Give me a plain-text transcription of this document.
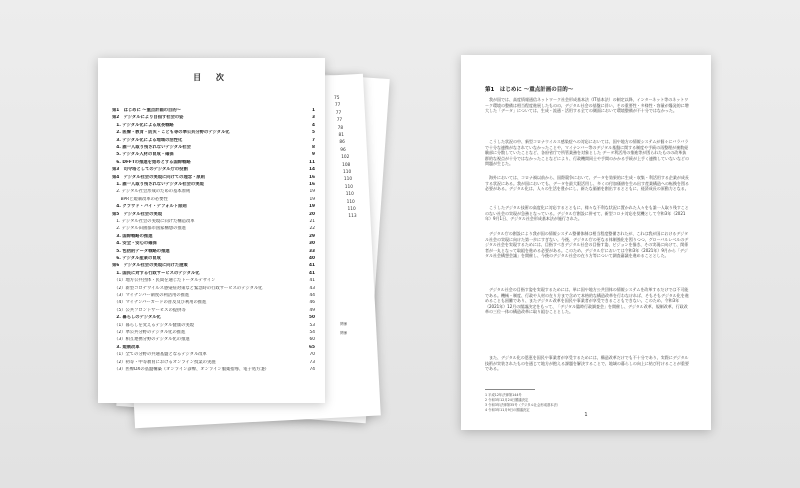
目 次
第1　はじめに ～重点計画の目的～	1
第2　デジタルにより目指す社会の姿	3
　1. デジタル化による成長戦略	4
　2. 医療・教育・防災・こども等の準公共分野のデジタル化	5
　3. デジタル化による地域の活性化	7
　4. 誰一人取り残されないデジタル社会	8
　5. デジタル人材の育成・確保	9
　6. DFFTの推進を始めとする国際戦略	11
第3　司令塔としてのデジタル庁の役割	14
第4　デジタル社会の実現に向けての理念・原則	16
　1. 誰一人取り残されないデジタル社会の実現	16
　2. デジタル社会形成のための基本原則	19
　　BPRと規制改革の必要性	19
　4. クラウド・バイ・デフォルト原則	19
第5　デジタル社会の実現	20
　1. デジタル社会の実現に向けた構造改革	21
　2. デジタル田園都市国家構想の推進	22
　3. 国際戦略の推進	29
　4. 安全・安心の確保	30
　5. 包括的データ戦略の推進	33
　6. デジタル産業の育成	40
第6　デジタル社会の実現に向けた施策	41
　1. 国民に対する行政サービスのデジタル化	41
　（1）地方公共団体・民間を通じたトータルデザイン	41
　（2）新型コロナウイルス感染症対策など緊急時の行政サービスのデジタル化	43
　（3）マイナンバー制度の利活用の推進	44
　（4）マイナンバーカードの普及及び利用の推進	46
　（5）公共フロントサービスの提供等	49
　2. 暮らしのデジタル化	50
　（1）暮らしを変えるデジタル健康の実現	53
　（2）準公共分野のデジタル化の推進	54
　（3）相互連携分野のデジタル化の推進	60
　3. 規制改革	65
　（1）全ての分野の共通基盤となるデジタル改革	70
　（2）初等・中等教育におけるオンライン授業の実施	73
　（3）医療DXの基盤構築（オンライン診療、オンライン服薬指導、電子処方箋）	74
第1　はじめに ～重点計画の目的～
1
　我が国では、高度情報通信ネットワーク社会形成基本法（IT基本法）の制定以降、インターネット等のネットワーク環境の整備は相当程度進展したものの、デジタル社会の基盤に伴い、その重要性・多様性・容量が爆発的に増大した「データ」については、生成・流通・活用する全ての側面において環境整備が不十分ではなかった。
　こうした状況の中、新型コロナウイルス感染症への対応においては、国や地方の情報システムが個々にバラバラで十分な連携がなされていなかったことや、マイナンバー等のデジタル基盤に関する制度や手続の再整理が複数経験部に分散していたことなど、各府省庁で所管業務を対象とした データ利活用の推進等が図られたものの改革抜群的な視点が十分ではなかったことなどにより、行政機関同士や手間のかかる手続が上手く連携していないなどの問題が生じた。
　海外においては、コロナ禍以前から、国際競争において、データを効果的に生成・収集・利活用する企業が成長する状況にある。我が国においても、データを最大限活用し、多くの付加価値を生み出す産業構造への転換を図る必要がある。デジタル化は、人々の生活を豊かにし、新たな価値を創出するとともに、経済成長の原動力となる。
　こうしたデジタル技術の高度化に対応するとともに、様々な不利な状況に置かれた人々をも誰一人取り残すことのない社会の実現が急務となっている。デジタル庁創設に併せて、新型コロナ対応を契機として令和3年（2021年）9月1日、デジタル社会形成基本法が施行された。
　デジタル庁の創設により我が国の情報システム整備体制は相当程度整備されたが、これは我が国におけるデジタル社会の実現に向けた第一歩にすぎない。今後、デジタル庁の更なる体制強化を図りつつ、グローバルレベルのデジタル社会を実現するためには、目指すべきデジタル社会の目指す姿、ビジョンを描き、その実現に向けて、関係者が一丸となって取組を進める必要がある。このため、デジタル庁においては令和3年（2021年）9月から「デジタル社会構想会議」を開催し、今後のデジタル社会の在り方等について調査審議を進めることとした。
　デジタル社会の目指す姿を実現するためには、単に国や地方公共団体の情報システムを改革するだけでは不可能である。機械・制度、行政や人材の在り方まで含めて本格的な構造改革を行わなければ、そもそもデジタル化を進めることも困難であり、またデジタル改革を国民や事業者が享受できることもできない。このため、令和3年（2021年）12月の閣議決定をもって、「デジタル臨時行政調査会」を開催し、デジタル改革、規制改革、行政改革の三位一体の構造改革に取り組むこととした。
　また、デジタル化の恩恵を国民や事業者が享受するためには、構造改革だけでも不十分であり、実際にデジタル技術が実装されたものを通じて地方が抱える課題を解決することで、地域の暮らしの向上に結び付けることが重要である。
1 平成12年法律第144号
2 令和3年12月24日閣議決定
3 令和3年法律第35号（デジタル社会形成基本法）
4 令和3年11月9日の閣議決定
75
77
77
77
78
81
86
96
102
108
110
110
110
110
110
110
113
関係
関係
